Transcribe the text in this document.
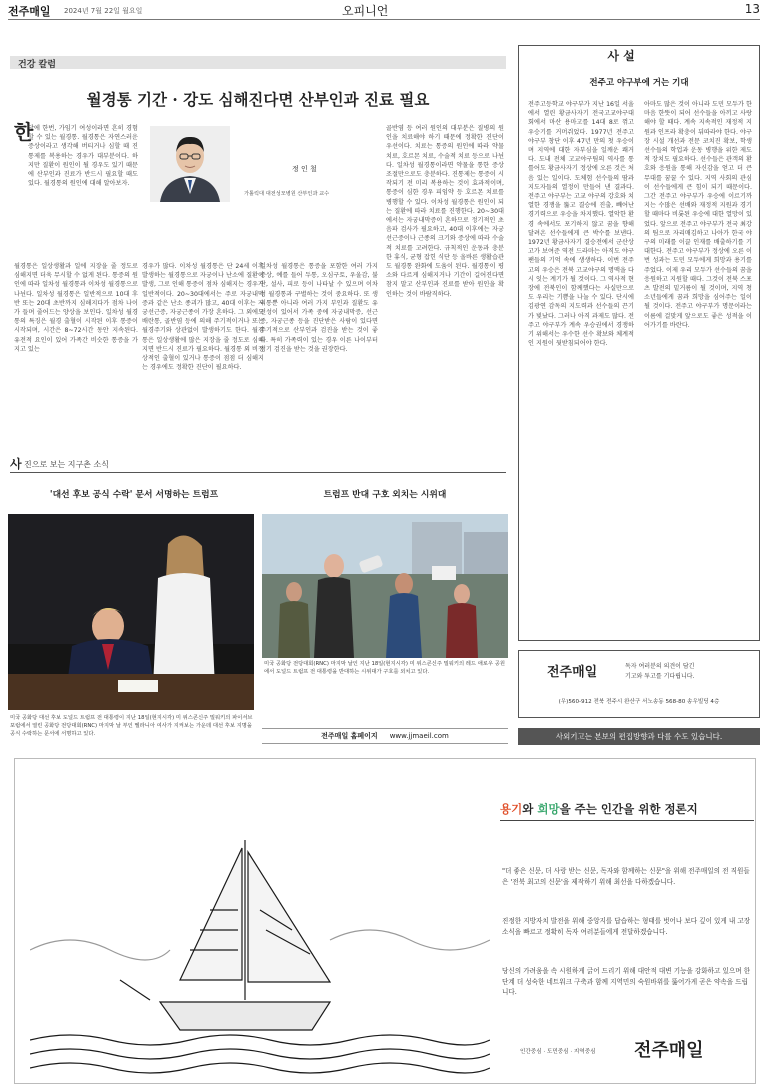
전주매일 2024년 7월 22일 월요일	오피니언	13
건강 칼럼
월경통 기간 · 강도 심해진다면 산부인과 진료 필요
한
달에 한번, 가임기 여성이라면 흔히 경험할 수 있는 월경통. 월경통은 자연스러운 증상이라고 생각해 버티거나 심할 때 진통제를 복용하는 경우가 대부분이다. 하지만 질환이 원인이 될 경우도 있기 때문에 산부인과 진료가 반드시 필요할 때도 있다. 월경통의 원인에 대해 알아보자.
정 인 철
가톨릭대 대전성모병원 산부인과 교수
월경통은 일상생활과 일에 지장을 줄 정도로 심해지면 더욱 무시할 수 없게 된다. 통증의 원인에 따라 일차성 월경통과 이차성 월경통으로 나뉜다. 일차성 월경통은 일반적으로 10대 후반 또는 20대 초반까지 심해지다가 점차 나이가 들며 줄어드는 양상을 보인다. 일차성 월경통의 특징은 월경 출혈이 시작된 이후 통증이 시작되며, 시간은 8~72시간 동안 지속된다. 유전적 요인이 있어 가족간 비슷한 통증을 가지고 있는
경우가 많다. 이차성 월경통은 단 24세 이후 발생하는 월경통으로 자궁이나 난소에 질환이 발생, 그로 인해 통증이 점차 심해지는 경우가 일반적이다. 20~30대에서는 주로 자궁내막증과 같은 난소 종괴가 많고, 40대 이후는 자궁선근증, 자궁근종이 가장 흔하다. 그 외에도 배란통, 골반염 등에 의해 주기적이거나 또는 월경주기와 상관없이 발생하기도 한다. 월경통은 일상생활에 많은 지장을 줄 정도로 심해지면 반드시 진료가 필요하다. 월경통 외 비정상적인 출혈이 있거나 통증이 점점 더 심해지는 경우에도 정확한 진단이 필요하다.
일차성 월경통은 통증을 포함한 여러 가지 증상, 예를 들어 두통, 오심구토, 우울감, 불안, 설사, 피로 등이 나타날 수 있으며 이차성 월경통과 구별하는 것이 중요하다. 또 생리통뿐 아니라 여러 가지 부인과 질환도 유전성이 있어서 가족 중에 자궁내막증, 선근증, 자궁근종 등을 진단받은 사람이 있다면 주기적으로 산부인과 검진을 받는 것이 좋다. 특히 가족력이 있는 경우 이른 나이부터 정기 검진을 받는 것을 권장한다.
골반염 등 여러 원인의 대부분은 질병의 원인을 치료해야 하기 때문에 정확한 진단이 우선이다. 치료는 통증의 원인에 따라 약물 치료, 호르몬 치료, 수술적 치료 등으로 나뉜다. 일차성 월경통이라면 약물을 통한 증상 조절만으로도 충분하다. 진통제는 통증이 시작되기 전 미리 복용하는 것이 효과적이며, 통증이 심한 경우 피임약 등 호르몬 치료를 병행할 수 있다. 이차성 월경통은 원인이 되는 질환에 따라 치료를 진행한다. 20~30대에서는 자궁내막증이 흔하므로 정기적인 초음파 검사가 필요하고, 40대 이후에는 자궁선근증이나 근종의 크기와 증상에 따라 수술적 치료를 고려한다. 규칙적인 운동과 충분한 휴식, 균형 잡힌 식단 등 올바른 생활습관도 월경통 완화에 도움이 된다. 월경통이 평소와 다르게 심해지거나 기간이 길어진다면 참지 말고 산부인과 진료를 받아 원인을 확인하는 것이 바람직하다.
사 설
전주고 야구부에 거는 기대
전주고등학교 야구부가 지난 16일 서울에서 열린 황금사자기 전국고교야구대회에서 마산 용마고를 14대 8로 꺾고 우승기를 거머쥐었다. 1977년 전주고 야구부 창단 이후 47년 만의 첫 우승이며 지역에 대한 자부심을 일깨운 쾌거다. 도내 전체 고교야구팀의 역사를 통틀어도 황금사자기 정상에 오른 것은 처음 있는 일이다. 도체험 선수들의 땀과 지도자들의 열정이 만들어 낸 결과다. 전주고 야구부는 고교 야구의 강호와 치열한 경쟁을 뚫고 결승에 진출, 빼어난 경기력으로 우승을 차지했다. 열악한 환경 속에서도 포기하지 않고 꿈을 향해 달려온 선수들에게 큰 박수를 보낸다. 1972년 황금사자기 결승전에서 군산상고가 보여준 역전 드라마는 아직도 야구팬들의 기억 속에 생생하다. 이번 전주고의 우승은 전북 고교야구의 명맥을 다시 잇는 계기가 될 것이다. 그 역사적 현장에 전북인이 함께했다는 사실만으로도 우리는 기쁨을 나눌 수 있다. 단시에 김광연 감독의 지도력과 선수들의 끈기가 빛났다. 그러나 아직 과제도 많다. 전주고 야구부가 계속 우승권에서 경쟁하기 위해서는 우수한 선수 확보와 체계적인 지원이 뒷받침되어야 한다.
아마도 많은 것이 아니라 도민 모두가 한마음 한뜻이 되어 선수들을 아끼고 사랑해야 할 때다. 계속 지속적인 재정적 지원과 인프라 확충이 뒤따라야 한다. 야구장 시설 개선과 전문 코치진 확보, 학생 선수들의 학업과 운동 병행을 위한 제도적 장치도 필요하다. 선수들은 관객의 환호와 응원을 통해 자신감을 얻고 더 큰 무대를 꿈꿀 수 있다. 지역 사회의 관심이 선수들에게 큰 힘이 되기 때문이다. 그간 전주고 야구부가 우승에 이르기까지는 수많은 선배와 재정적 지원과 경기할 때마다 비롯된 우승에 대한 열망이 있었다. 앞으로 전주고 야구부가 전국 최강의 팀으로 자리매김하고 나아가 한국 야구의 미래를 이끌 인재를 배출하기를 기대한다. 전주고 야구부가 정상에 오른 이번 성과는 도민 모두에게 희망과 용기를 주었다. 이제 우리 모두가 선수들의 꿈을 응원하고 지원할 때다. 그것이 전북 스포츠 발전의 밑거름이 될 것이며, 지역 청소년들에게 꿈과 희망을 심어주는 일이 될 것이다. 전주고 야구부가 명문이라는 이름에 걸맞게 앞으로도 좋은 성적을 이어가기를 바란다.
사 진으로 보는 지구촌 소식
'대선 후보 공식 수락' 문서 서명하는 트럼프	트럼프 반대 구호 외치는 시위대
미국 공화당 대선 후보 도널드 트럼프 전 대통령이 지난 18일(현지시각) 미 위스콘신주 밀워키의 파이서브 포럼에서 열린 공화당 전당대회(RNC) 마지막 날 부인 멜라니아 여사가 지켜보는 가운데 대선 후보 지명을 공식 수락하는 문서에 서명하고 있다.
미국 공화당 전당대회(RNC) 마지막 날인 지난 18일(현지시각) 미 위스콘신주 밀워키의 레드 애로우 공원에서 도널드 트럼프 전 대통령을 반대하는 시위대가 구호를 외치고 있다.
전주매일 홈페이지 www.jjmaeil.com
전주매일	독자 여러분의 의견이 담긴
기고와 투고를 기다립니다.
(우)560-912 전북 전주시 완산구 서노송동 568-80 송우빌딩 4층
사외기고는 본보의 편집방향과 다를 수도 있습니다.
용기와 희망을 주는 인간을 위한 정론지
"더 좋은 신문, 더 사랑 받는 신문, 독자와 함께하는 신문"을 위해 전주매일의 전 직원들은 '전북 최고의 신문'을 제작하기 위해 최선을 다하겠습니다.
진정한 지방자치 발전을 위해 중앙지를 답습하는 형태를 벗어나 보다 깊이 있게 내 고장 소식을 빠르고 정확히 독자 여러분들에게 전달하겠습니다.
당신의 가려움을 속 시원하게 긁어 드리기 위해 대안적 대변 기능을 강화하고 있으며 한 단계 더 성숙한 네트워크 구축과 함께 지역민의 숙원바위를 뚫어가게 곧은 약속을 드립니다.
인간중심 · 도민중심 · 지역중심 전주매일
